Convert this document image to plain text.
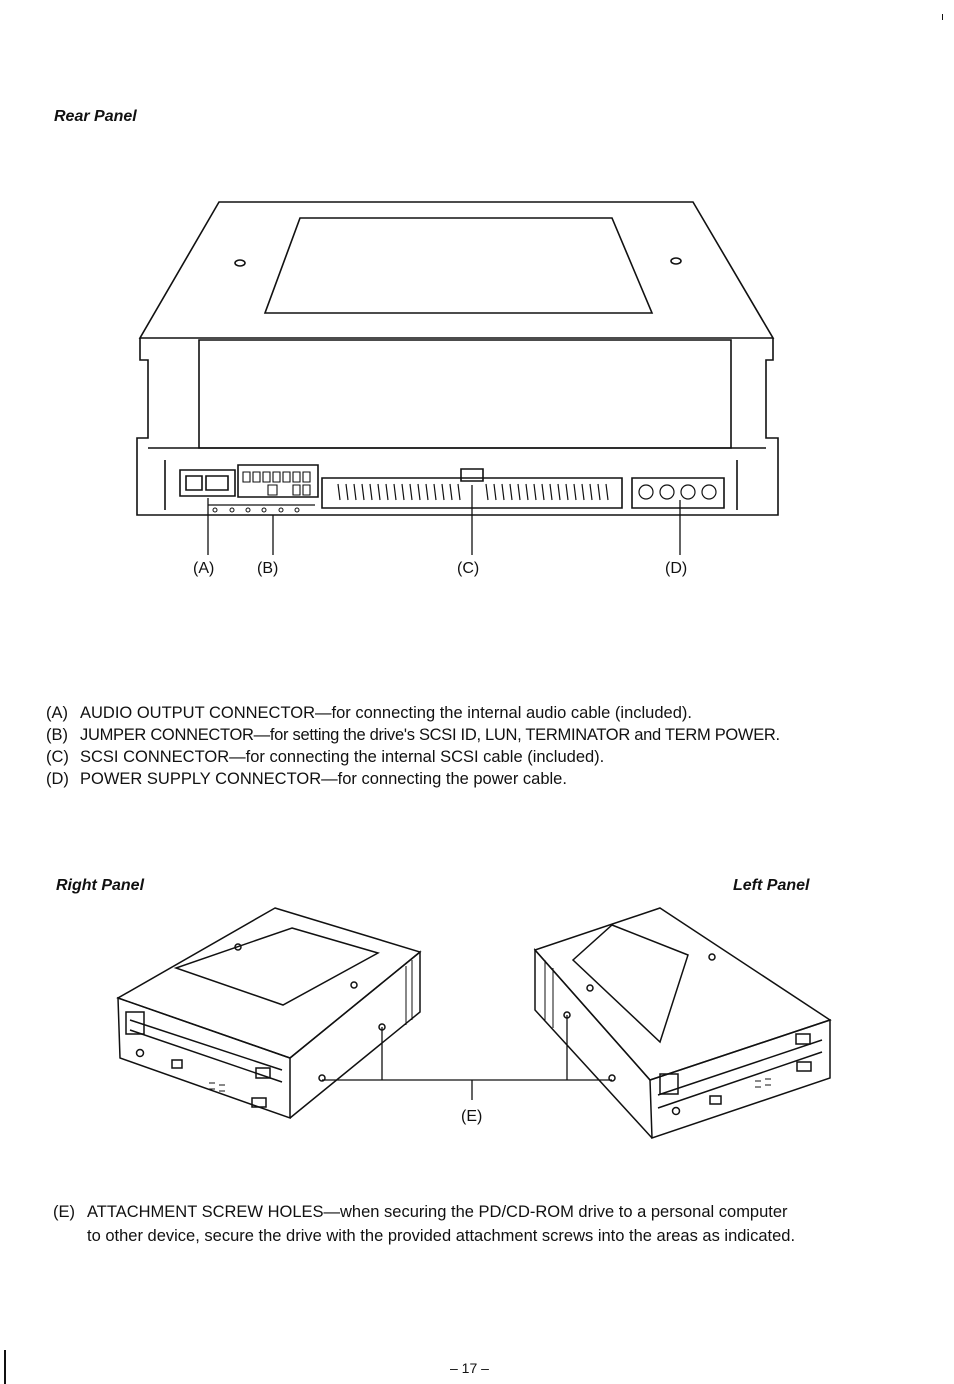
Rear Panel
(A)	(B)	(C)	(D)
(A) AUDIO OUTPUT CONNECTOR—for connecting the internal audio cable (included).
(B) JUMPER CONNECTOR—for setting the drive's SCSI ID, LUN, TERMINATOR and TERM POWER.
(C) SCSI CONNECTOR—for connecting the internal SCSI cable (included).
(D) POWER SUPPLY CONNECTOR—for connecting the power cable.
Right Panel	Left Panel
(E)
(E) ATTACHMENT SCREW HOLES—when securing the PD/CD-ROM drive to a personal computer
to other device, secure the drive with the provided attachment screws into the areas as indicated.
– 17 –
